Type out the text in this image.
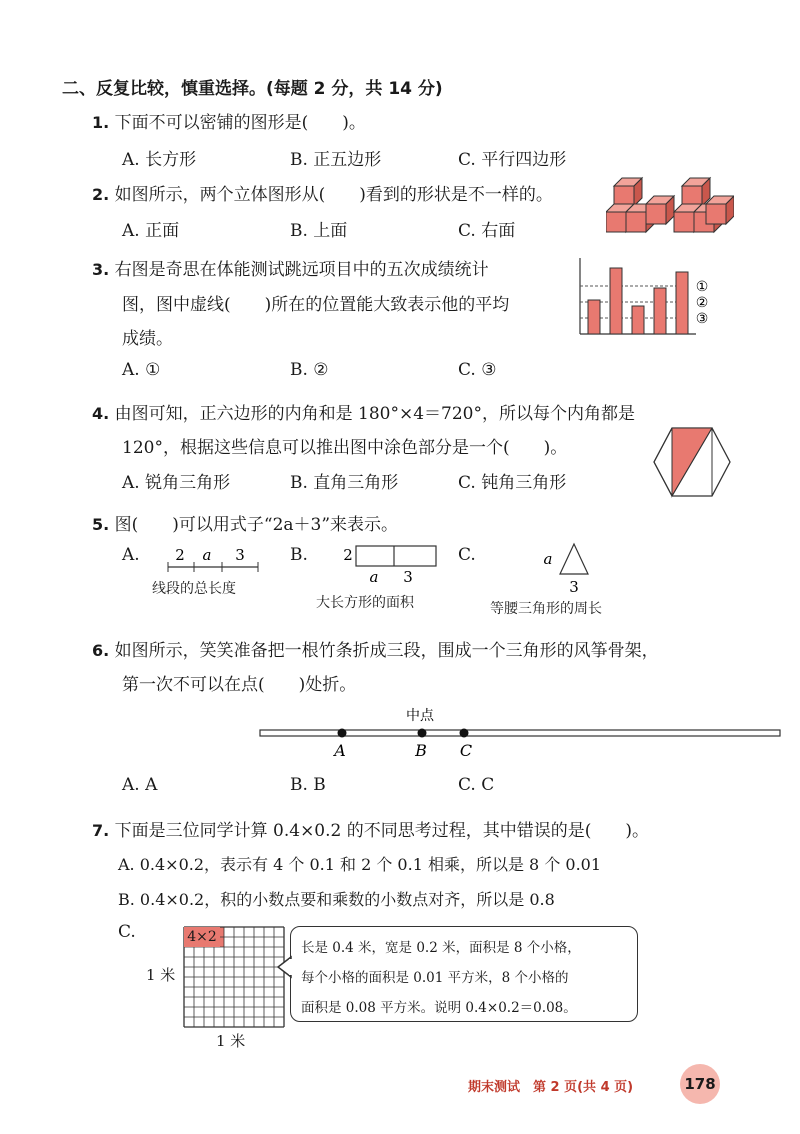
二、反复比较，慎重选择。(每题 2 分，共 14 分)
1. 下面不可以密铺的图形是(　　)。
A. 长方形	B. 正五边形	C. 平行四边形
2. 如图所示，两个立体图形从(　　)看到的形状是不一样的。
A. 正面	B. 上面	C. 右面
3. 右图是奇思在体能测试跳远项目中的五次成绩统计
图，图中虚线(　　)所在的位置能大致表示他的平均
成绩。
A. ①	B. ②	C. ③
①
②
③
4. 由图可知，正六边形的内角和是 180°×4＝720°，所以每个内角都是
120°，根据这些信息可以推出图中涂色部分是一个(　　)。
A. 锐角三角形	B. 直角三角形	C. 钝角三角形
5. 图(　　)可以用式子“2a＋3”来表示。
A.	B.	C.
2 a 3
线段的总长度
2
a 3
大长方形的面积
a
3
等腰三角形的周长
6. 如图所示，笑笑准备把一根竹条折成三段，围成一个三角形的风筝骨架，
第一次不可以在点(　　)处折。
中点
A	B C
A. A	B. B	C. C
7. 下面是三位同学计算 0.4×0.2 的不同思考过程，其中错误的是(　　)。
A. 0.4×0.2，表示有 4 个 0.1 和 2 个 0.1 相乘，所以是 8 个 0.01
B. 0.4×0.2，积的小数点要和乘数的小数点对齐，所以是 0.8
C.	4×2
1 米
1 米

长是 0.4 米，宽是 0.2 米，面积是 8 个小格，

每个小格的面积是 0.01 平方米，8 个小格的

面积是 0.08 平方米。说明 0.4×0.2＝0.08。

期末测试　第 2 页(共 4 页)	178
